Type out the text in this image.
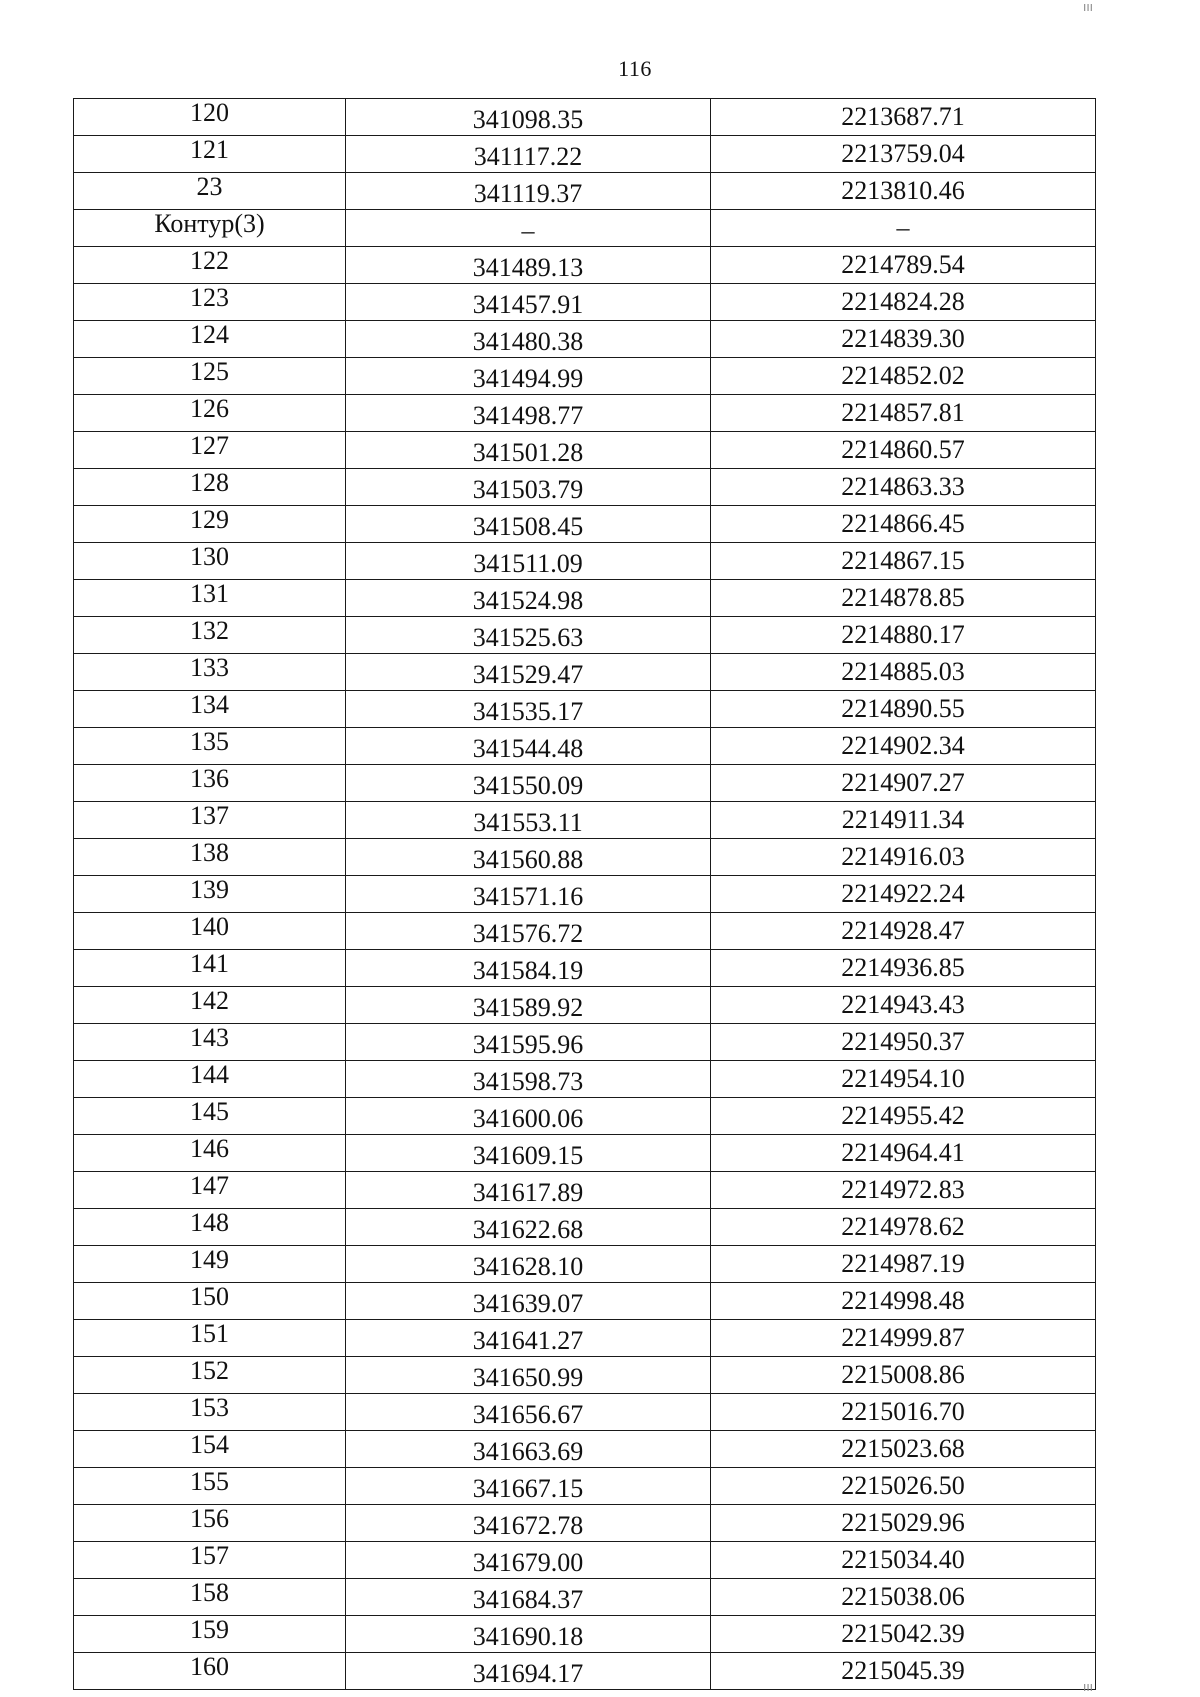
116
120	341098.35	2213687.71
121	341117.22	2213759.04
23	341119.37	2213810.46
Контур(3)	–	–
122	341489.13	2214789.54
123	341457.91	2214824.28
124	341480.38	2214839.30
125	341494.99	2214852.02
126	341498.77	2214857.81
127	341501.28	2214860.57
128	341503.79	2214863.33
129	341508.45	2214866.45
130	341511.09	2214867.15
131	341524.98	2214878.85
132	341525.63	2214880.17
133	341529.47	2214885.03
134	341535.17	2214890.55
135	341544.48	2214902.34
136	341550.09	2214907.27
137	341553.11	2214911.34
138	341560.88	2214916.03
139	341571.16	2214922.24
140	341576.72	2214928.47
141	341584.19	2214936.85
142	341589.92	2214943.43
143	341595.96	2214950.37
144	341598.73	2214954.10
145	341600.06	2214955.42
146	341609.15	2214964.41
147	341617.89	2214972.83
148	341622.68	2214978.62
149	341628.10	2214987.19
150	341639.07	2214998.48
151	341641.27	2214999.87
152	341650.99	2215008.86
153	341656.67	2215016.70
154	341663.69	2215023.68
155	341667.15	2215026.50
156	341672.78	2215029.96
157	341679.00	2215034.40
158	341684.37	2215038.06
159	341690.18	2215042.39
160	341694.17	2215045.39
ııı
ııı
